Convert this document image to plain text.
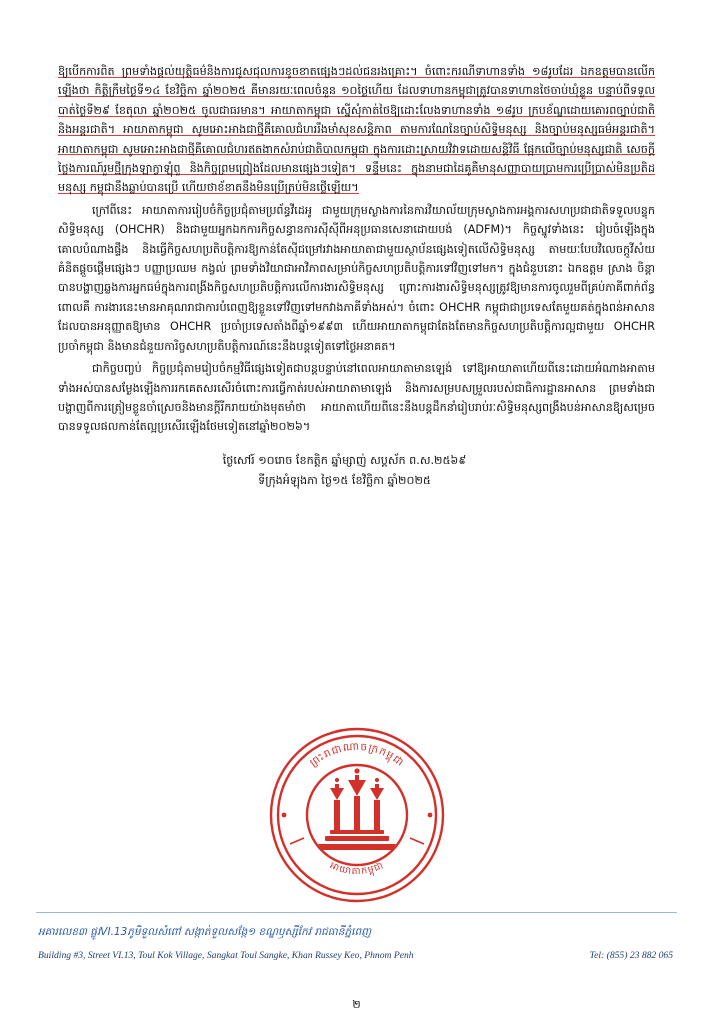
ឱ្យបើកការពិត ព្រមទាំងផ្តល់យុត្តិធម៌និងការជូសជុលការខូចខាតផ្សេងៗដល់ជនរងគ្រោះ។ ចំពោះករណីទាហានទាំង ១៨រូបដែរ ឯកឧត្តមបានលើកឡើងថា កិត្តិក្រឹមថ្ងៃទី១៤ ខែវិច្ឆិកា ឆ្នាំ២០២៥ គឺមានរយៈពេលចំនួន ១០ថ្ងៃហើយ ដែលទាហានកម្ពុជាត្រូវបានទាហានថៃចាប់ឃុំខ្លួន បន្ទាប់ពីទទួលបាត់ថ្ងៃទី២៩ ខែតុលា ឆ្នាំ២០២៥ ចូលជាធរមាន។ អាយាតាកម្ពុជា ស្នើសុំកាត់ថៃឱ្យដោះលែងទាហានទាំង ១៨រូប ក្របខ័ណ្ឌដោយគោរពច្បាប់ជាតិ និងអន្តរជាតិ។ អាយាតាកម្ពុជា សូមអោះអាងជាថ្មីគឺគោលជំហររឹងមាំសុខសន្តិភាព តាមការណែនៃច្បាប់សិទ្ធិមនុស្ស និងច្បាប់មនុស្សធម៌អន្តរជាតិ។ អាយាតាកម្ពុជា សូមអោះអាងជាថ្មីគឺគោលជំហរឥតងាកសំរាប់ជាតិបាលកម្ពុជា ក្នុងការដោះស្រាយវិវាទដោយសន្តិវិធី ផ្អែកលើច្បាប់មនុស្សជាតិ សេចក្តីថ្លៃងការណ៍រួមថ្មីក្រុងឡាក្វាឡុំពួ និងកិច្ចព្រមព្រៀងដែលមានផ្សេងៗទៀត។ ទន្ទឹមនេះ ក្នុងនាមជាដៃគូគឺមានុសញ្ញាបាយប្រាមការប្រើប្រាស់មិនប្រតិដមនុស្ស កម្ពុជានឹងឆ្លាប់បានប្រើ ហើយថាខ័ខាតនឹងមិនប្រើត្រប់មិនថ្លើឡើយ។

ក្រៅពីនេះ អាយាតាការរៀបចំកិច្ចប្រជុំតាមប្រព័ន្ធវីដេអូ ជាមួយក្រុមស្ងាងការនៃការវិយាល័យក្រុមស្ងាងការអង្គការសហប្រជាជាតិទទួលបន្ទុកសិទ្ធិមនុស្ស (OHCHR) និងជាមួយអ្នកឯកការកិច្ចសន្ធានការស៊ីស៊ីពីអនុប្រធានសេនាដោយបង់ (ADFM)។ កិច្ចស្នូវទាំងនេះ រៀបចំឡើងក្នុងគោលបំណាងផ្ទឹង និងធ្វើកិច្ចសហប្រតិបត្តិការឱ្យកាន់តែស៊ីជម្រៅរវាងអាយាតាជាមួយស្ថាប័នផ្សេងទៀតលើសិទ្ធិមនុស្ស តាមយៈបែបវិលេចក្តូវីសំយ គំនិតផ្តួចផ្តើមផ្សេងៗ បញ្ញាប្រឈម កង្វល់ ព្រមទាំងវិយាជាអាវិភាពសម្រាប់កិច្ចសហប្រតិបត្តិការទៅវិញទៅមក។ ក្នុងជំនួបនោះ ឯកឧត្តម ស្រាង ចិន្តា បានបង្ហាញឆ្លងការអ្នកធម៌ក្នុងការពង្រីងកិច្ចសហប្រតិបត្តិការលើការងារសិទ្ធិមនុស្ស ព្រោះការងារសិទ្ធិមនុស្សត្រូវឱ្យមានការចូលរួមពីគ្រប់ភាគីពាក់ព័ន្ធ ពោលគឺ ការងារនេះមានអាគុណរាជាការបំពេញឱ្យខ្លួនទៅវិញទៅមកវាងភាគីទាំងអស់។ ចំពោះ OHCHR កម្ពុជាជាប្រទេសតែមួយគត់ក្នុងពន់អាសាន ដែលបានអនុញ្ញាតឱ្យមាន OHCHR ប្រចាំប្រទេសតាំងពីឆ្នាំ១៩៩៣ ហើយអាយាតាកម្ពុជាតែងតែមានកិច្ចសហប្រតិបត្តិការល្អជាមួយ OHCHR ប្រចាំកម្ពុជា និងមានជំនួយការិច្ចសហប្រតិបត្តិការណ៍នេះនឹងបន្តទៀតទៅថ្ងៃអនាគត។

ជាកិច្ចបញ្ចប់ កិច្ចប្រជុំតាមរៀបចំកម្មវិធីផ្សេងទៀតជាបន្តបន្ទាប់នៅពេលអាយាតាមានឡេង់ ទៅឱ្យអាយាតាហើយពីនេះដោយអំណាងអាតាមទាំងអស់បានសម្ងែងឡើងការរកគេតសរសើរចំពោះការធ្វើកាត់របស់អាយាតាមាឡេង់ និងការសម្របសម្រួលរបស់ជាធិការដ្ឋានអាសាន ព្រមទាំងជាបង្ហាញពីការត្រៀមខ្លួនចាំស្រេចនិងមានក្តីរីករាយយ៉ាងមុតមាំថា អាយាតាហើយពីនេះនឹងបន្តដឹកនាំរៀបរាប់រៈសិទ្ធិមនុស្សពង្រឹងបន់អាសានឱ្យសម្រេចបានទទួលផលកាន់តែល្អប្រសើរឡើងថែមទៀតនៅឆ្នាំ២០២៦។

ថ្ងៃសៅរ៍ ១០រោច ខែកត្តិក ឆ្នាំម្សាញ់ សប្ដស័ក ព.ស.២៥៦៩
ទីក្រុងអំឡុងភា ថ្ងៃ១៥ ខែវិច្ឆិកា ឆ្នាំ២០២៥
ព្រះរាជាណាចក្រកម្ពុជា
អាយាតាកម្ពុជា
អគារលេខ៣ ផ្លូវVI.13ភូមិទួលសំពៅ សង្កាត់ទួលសង្កែ១ ខណ្ឌឫស្សីកែវ រាជធានីភ្នំពេញ
Building #3, Street VI.13, Toul Kok Village, Sangkat Toul Sangke, Khan Russey Keo, Phnom Penh	Tel: (855) 23 882 065
២
